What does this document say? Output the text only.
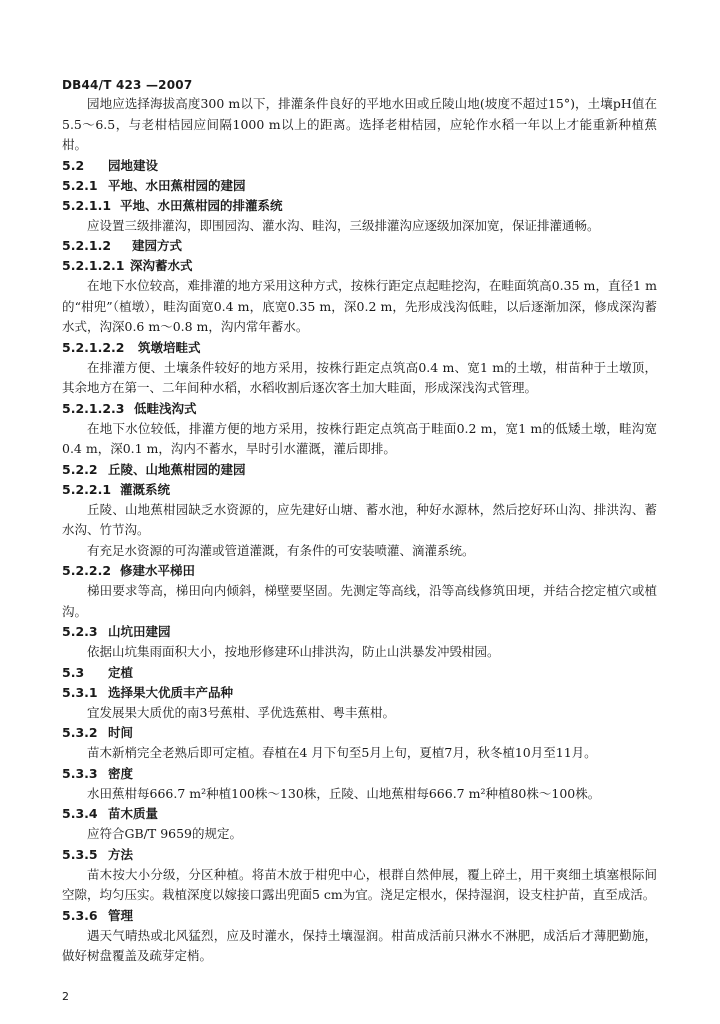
DB44/T 423 —2007

园地应选择海拔高度300 m以下，排灌条件良好的平地水田或丘陵山地(坡度不超过15°)，土壤pH值在5.5～6.5，与老柑桔园应间隔1000 m以上的距离。选择老柑桔园，应轮作水稻一年以上才能重新种植蕉柑。

5.2 园地建设
5.2.1 平地、水田蕉柑园的建园
5.2.1.1 平地、水田蕉柑园的排灌系统

应设置三级排灌沟，即围园沟、灌水沟、畦沟，三级排灌沟应逐级加深加宽，保证排灌通畅。

5.2.1.2 建园方式
5.2.1.2.1 深沟蓄水式

在地下水位较高，难排灌的地方采用这种方式，按株行距定点起畦挖沟，在畦面筑高0.35 m，直径1 m的“柑兜”（植墩），畦沟面宽0.4 m，底宽0.35 m，深0.2 m，先形成浅沟低畦，以后逐渐加深，修成深沟蓄水式，沟深0.6 m～0.8 m，沟内常年蓄水。

5.2.1.2.2 筑墩培畦式

在排灌方便、土壤条件较好的地方采用，按株行距定点筑高0.4 m、宽1 m的土墩，柑苗种于土墩顶，其余地方在第一、二年间种水稻，水稻收割后逐次客土加大畦面，形成深浅沟式管理。

5.2.1.2.3 低畦浅沟式

在地下水位较低，排灌方便的地方采用，按株行距定点筑高于畦面0.2 m，宽1 m的低矮土墩，畦沟宽0.4 m，深0.1 m，沟内不蓄水，旱时引水灌溉，灌后即排。

5.2.2 丘陵、山地蕉柑园的建园
5.2.2.1 灌溉系统

丘陵、山地蕉柑园缺乏水资源的，应先建好山塘、蓄水池，种好水源林，然后挖好环山沟、排洪沟、蓄水沟、竹节沟。

有充足水资源的可沟灌或管道灌溉，有条件的可安装喷灌、滴灌系统。

5.2.2.2 修建水平梯田

梯田要求等高，梯田向内倾斜，梯壁要坚固。先测定等高线，沿等高线修筑田埂，并结合挖定植穴或植沟。

5.2.3 山坑田建园

依据山坑集雨面积大小，按地形修建环山排洪沟，防止山洪暴发冲毁柑园。

5.3 定植
5.3.1 选择果大优质丰产品种

宜发展果大质优的南3号蕉柑、孚优选蕉柑、粤丰蕉柑。

5.3.2 时间

苗木新梢完全老熟后即可定植。春植在4 月下旬至5月上旬，夏植7月，秋冬植10月至11月。

5.3.3 密度

水田蕉柑每666.7 m²种植100株～130株，丘陵、山地蕉柑每666.7 m²种植80株～100株。

5.3.4 苗木质量

应符合GB/T 9659的规定。

5.3.5 方法

苗木按大小分级，分区种植。将苗木放于柑兜中心，根群自然伸展，覆上碎土，用干爽细土填塞根际间空隙，均匀压实。栽植深度以嫁接口露出兜面5 cm为宜。浇足定根水，保持湿润，设支柱护苗，直至成活。

5.3.6 管理

遇天气晴热或北风猛烈，应及时灌水，保持土壤湿润。柑苗成活前只淋水不淋肥，成活后才薄肥勤施，做好树盘覆盖及疏芽定梢。

2
